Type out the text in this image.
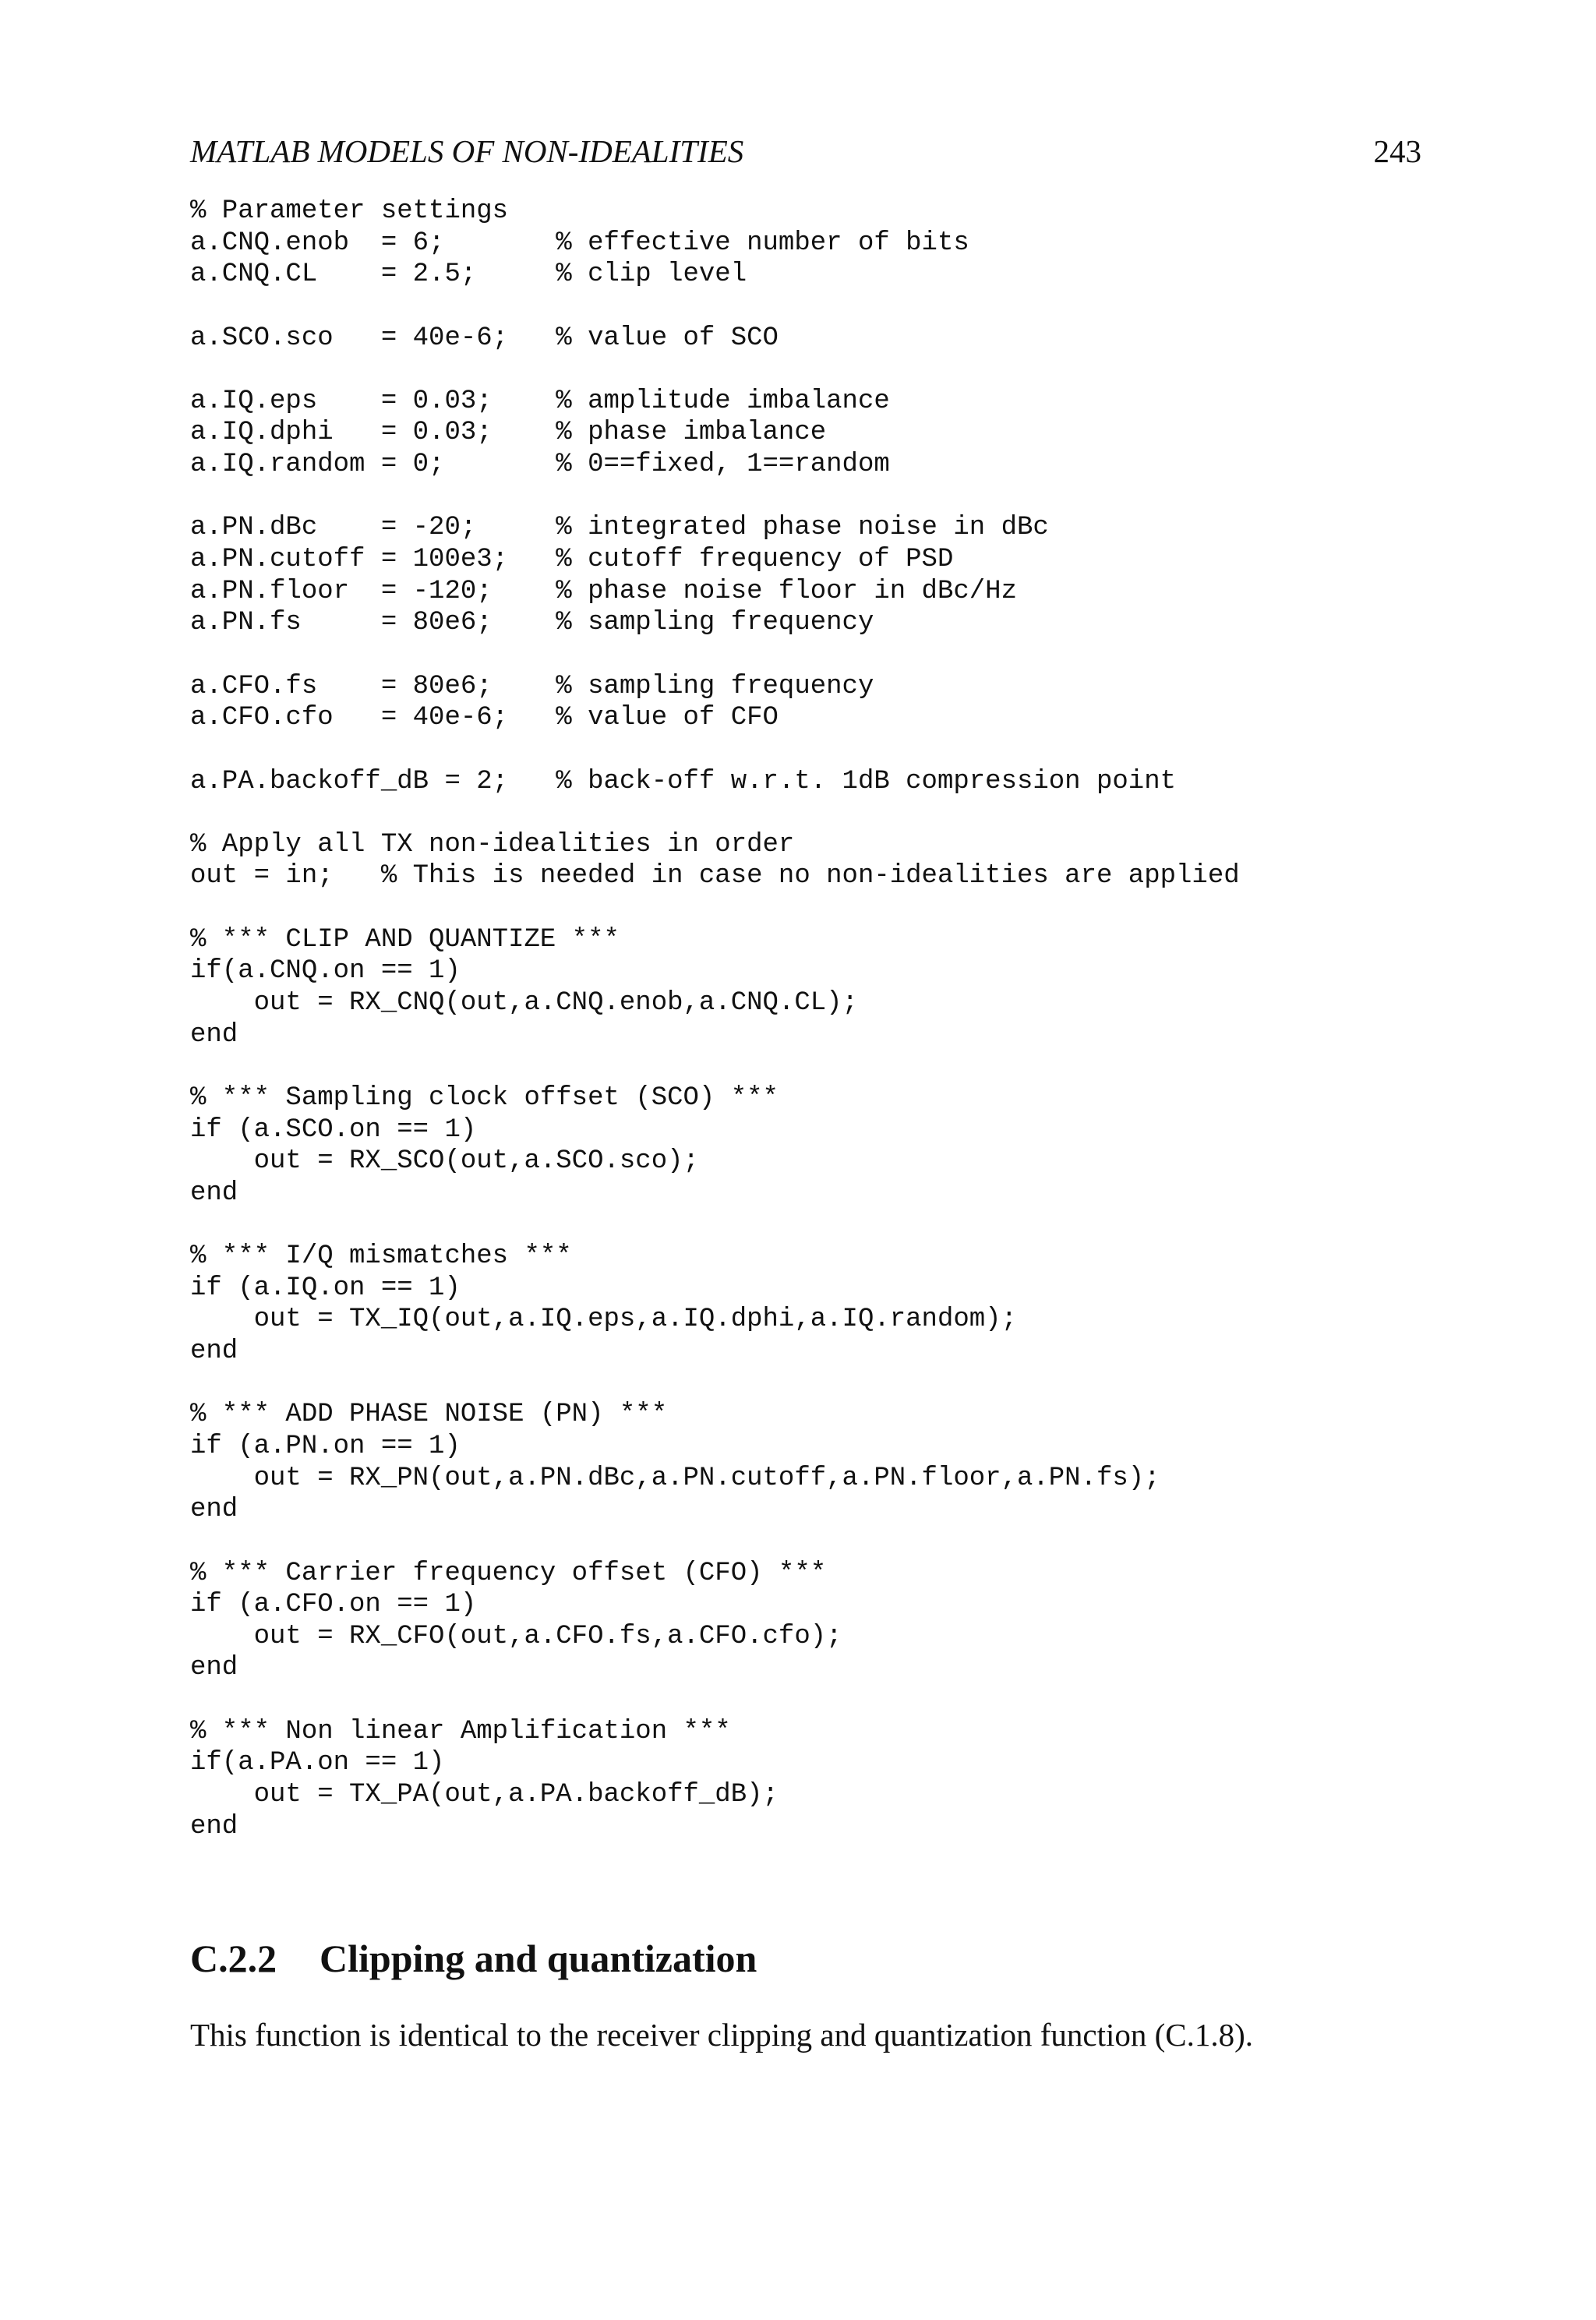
MATLAB MODELS OF NON-IDEALITIES	243
% Parameter settings
a.CNQ.enob  = 6;       % effective number of bits
a.CNQ.CL    = 2.5;     % clip level
a.SCO.sco   = 40e-6;   % value of SCO
a.IQ.eps    = 0.03;    % amplitude imbalance
a.IQ.dphi   = 0.03;    % phase imbalance
a.IQ.random = 0;       % 0==fixed, 1==random
a.PN.dBc    = -20;     % integrated phase noise in dBc
a.PN.cutoff = 100e3;   % cutoff frequency of PSD
a.PN.floor  = -120;    % phase noise floor in dBc/Hz
a.PN.fs     = 80e6;    % sampling frequency
a.CFO.fs    = 80e6;    % sampling frequency
a.CFO.cfo   = 40e-6;   % value of CFO
a.PA.backoff_dB = 2;   % back-off w.r.t. 1dB compression point
% Apply all TX non-idealities in order
out = in;   % This is needed in case no non-idealities are applied
% *** CLIP AND QUANTIZE ***
if(a.CNQ.on == 1)
out = RX_CNQ(out,a.CNQ.enob,a.CNQ.CL);
end
% *** Sampling clock offset (SCO) ***
if (a.SCO.on == 1)
out = RX_SCO(out,a.SCO.sco);
end
% *** I/Q mismatches ***
if (a.IQ.on == 1)
out = TX_IQ(out,a.IQ.eps,a.IQ.dphi,a.IQ.random);
end
% *** ADD PHASE NOISE (PN) ***
if (a.PN.on == 1)
out = RX_PN(out,a.PN.dBc,a.PN.cutoff,a.PN.floor,a.PN.fs);
end
% *** Carrier frequency offset (CFO) ***
if (a.CFO.on == 1)
out = RX_CFO(out,a.CFO.fs,a.CFO.cfo);
end
% *** Non linear Amplification ***
if(a.PA.on == 1)
out = TX_PA(out,a.PA.backoff_dB);
end
C.2.2 Clipping and quantization

This function is identical to the receiver clipping and quantization function (C.1.8).
